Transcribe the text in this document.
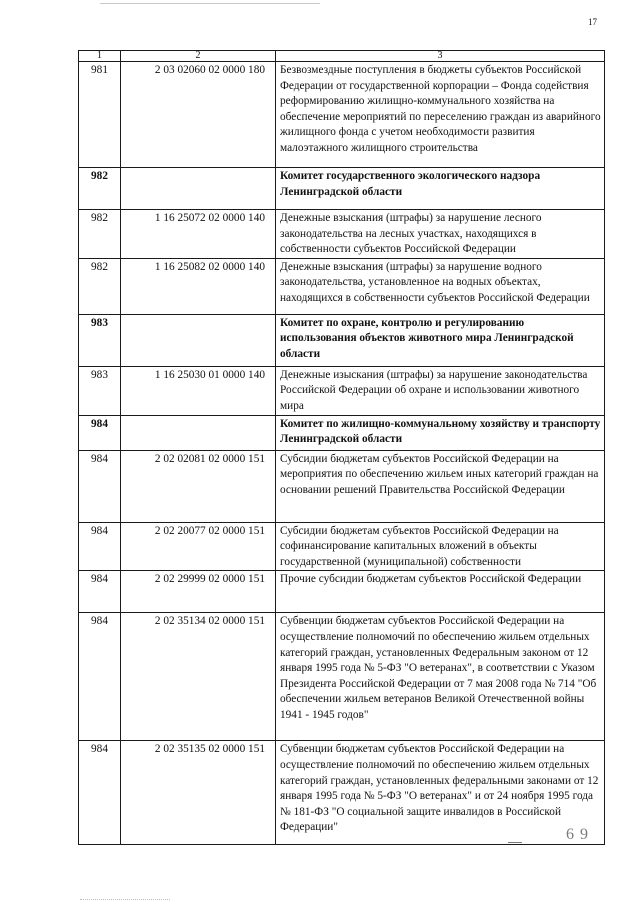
17
1	2	3
981	2 03 02060 02 0000 180	Безвозмездные поступления в бюджеты субъектов Российской Федерации от государственной корпорации – Фонда содействия реформированию жилищно-коммунального хозяйства на обеспечение мероприятий по переселению граждан из аварийного жилищного фонда с учетом необходимости развития малоэтажного жилищного строительства
982		Комитет государственного экологического надзора Ленинградской области
982	1 16 25072 02 0000 140	Денежные взыскания (штрафы) за нарушение лесного законодательства на лесных участках, находящихся в собственности субъектов Российской Федерации
982	1 16 25082 02 0000 140	Денежные взыскания (штрафы) за нарушение водного законодательства, установленное на водных объектах, находящихся в собственности субъектов Российской Федерации
983		Комитет по охране, контролю и регулированию использования объектов животного мира Ленинградской области
983	1 16 25030 01 0000 140	Денежные изыскания (штрафы) за нарушение законодательства Российской Федерации об охране и использовании животного мира
984		Комитет по жилищно-коммунальному хозяйству и транспорту Ленинградской области
984	2 02 02081 02 0000 151	Субсидии бюджетам субъектов Российской Федерации на мероприятия по обеспечению жильем иных категорий граждан на основании решений Правительства Российской Федерации
984	2 02 20077 02 0000 151	Субсидии бюджетам субъектов Российской Федерации на софинансирование капитальных вложений в объекты государственной (муниципальной) собственности
984	2 02 29999 02 0000 151	Прочие субсидии бюджетам субъектов Российской Федерации
984	2 02 35134 02 0000 151	Субвенции бюджетам субъектов Российской Федерации на осуществление полномочий по обеспечению жильем отдельных категорий граждан, установленных Федеральным законом от 12 января 1995 года № 5-ФЗ "О ветеранах", в соответствии с Указом Президента Российской Федерации от 7 мая 2008 года № 714 "Об обеспечении жильем ветеранов Великой Отечественной войны 1941 - 1945 годов"
984	2 02 35135 02 0000 151	Субвенции бюджетам субъектов Российской Федерации на осуществление полномочий по обеспечению жильем отдельных категорий граждан, установленных федеральными законами от 12 января 1995 года № 5-ФЗ "О ветеранах" и от 24 ноября 1995 года № 181-ФЗ "О социальной защите инвалидов в Российской Федерации"	6 9
